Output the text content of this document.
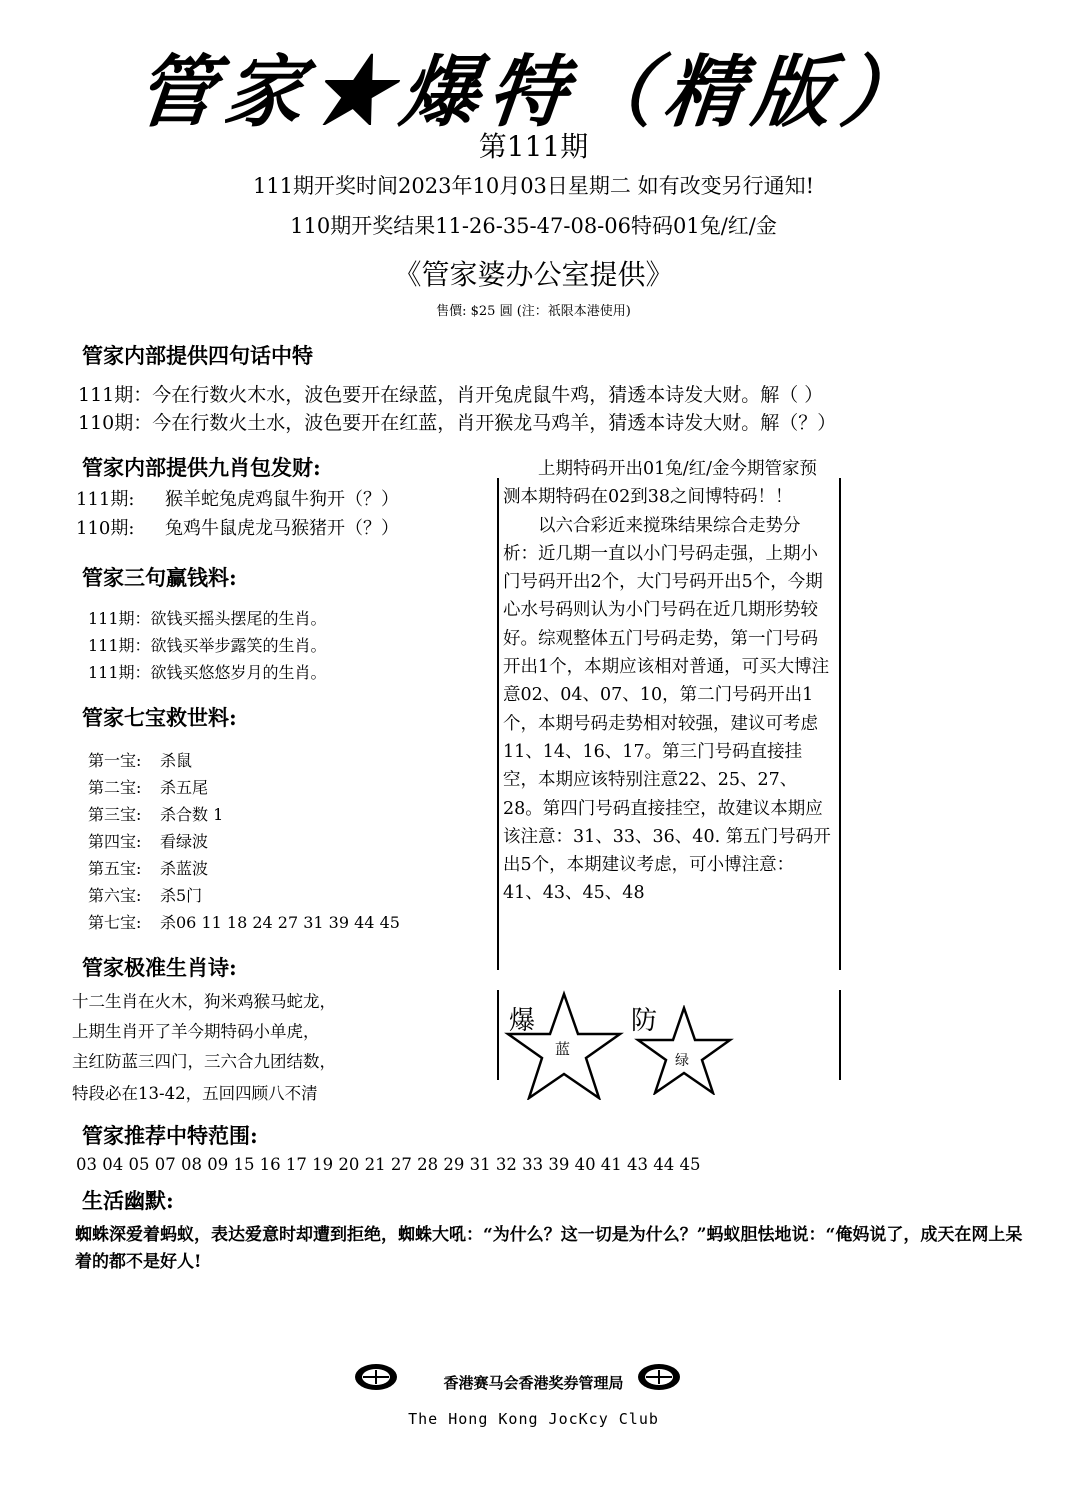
管家★爆特（精版）
第111期
111期开奖时间2023年10月03日星期二 如有改变另行通知!
110期开奖结果11-26-35-47-08-06特码01兔/红/金
《管家婆办公室提供》
售價: $25 圓 (注：祇限本港使用)
管家内部提供四句话中特
111期：今在行数火木水，波色要开在绿蓝，肖开兔虎鼠牛鸡，猜透本诗发大财。解（ ）
110期：今在行数火土水，波色要开在红蓝，肖开猴龙马鸡羊，猜透本诗发大财。解（？）
管家内部提供九肖包发财:
111期: 猴羊蛇兔虎鸡鼠牛狗开（？）
110期: 兔鸡牛鼠虎龙马猴猪开（？）
管家三句赢钱料:
111期：欲钱买摇头摆尾的生肖。
111期：欲钱买举步露笑的生肖。
111期：欲钱买悠悠岁月的生肖。
管家七宝救世料:
第一宝: 杀鼠
第二宝: 杀五尾
第三宝: 杀合数 1
第四宝: 看绿波
第五宝: 杀蓝波
第六宝: 杀5门
第七宝: 杀06 11 18 24 27 31 39 44 45
管家极准生肖诗:
十二生肖在火木，狗米鸡猴马蛇龙，
上期生肖开了羊今期特码小单虎，
主红防蓝三四门，三六合九团结数，
特段必在13-42，五回四顾八不清

上期特码开出01兔/红/金今期管家预测本期特码在02到38之间博特码！！

以六合彩近来搅珠结果综合走势分析：近几期一直以小门号码走强，上期小门号码开出2个，大门号码开出5个，今期心水号码则认为小门号码在近几期形势较好。综观整体五门号码走势，第一门号码开出1个，本期应该相对普通，可买大博注意02、04、07、10，第二门号码开出1个，本期号码走势相对较强，建议可考虑11、14、16、17。第三门号码直接挂空，本期应该特别注意22、25、27、28。第四门号码直接挂空，故建议本期应该注意：31、33、36、40. 第五门号码开出5个，本期建议考虑，可小博注意：41、43、45、48

爆	防
蓝
绿
管家推荐中特范围:
03 04 05 07 08 09 15 16 17 19 20 21 27 28 29 31 32 33 39 40 41 43 44 45
生活幽默:
蜘蛛深爱着蚂蚁，表达爱意时却遭到拒绝，蜘蛛大吼：“为什么？这一切是为什么？”蚂蚁胆怯地说：“俺妈说了，成天在网上呆着的都不是好人!
香港赛马会香港奖券管理局
The Hong Kong JocKcy Club
